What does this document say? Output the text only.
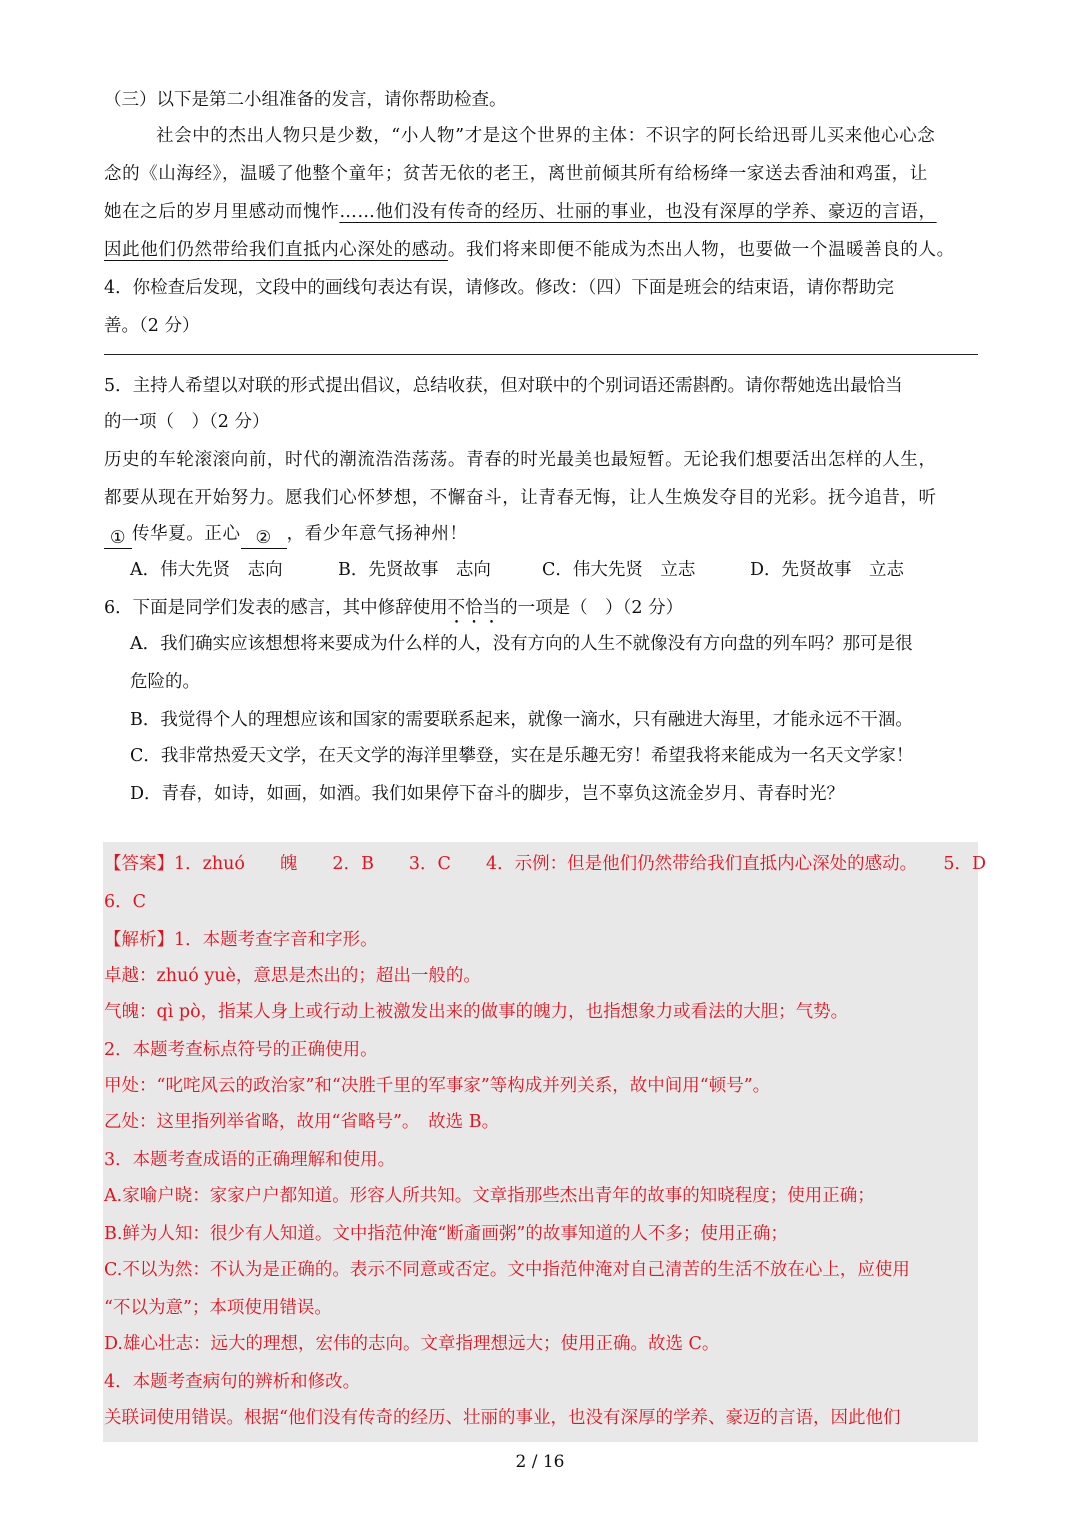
（三）以下是第二小组准备的发言，请你帮助检查。
社会中的杰出人物只是少数，“小人物”才是这个世界的主体：不识字的阿长给迅哥儿买来他心心念
念的《山海经》，温暖了他整个童年；贫苦无依的老王，离世前倾其所有给杨绛一家送去香油和鸡蛋，让
她在之后的岁月里感动而愧怍……他们没有传奇的经历、壮丽的事业，也没有深厚的学养、豪迈的言语，
因此他们仍然带给我们直抵内心深处的感动。我们将来即便不能成为杰出人物，也要做一个温暖善良的人。
4．你检查后发现，文段中的画线句表达有误，请修改。修改：（四）下面是班会的结束语，请你帮助完
善。（2 分）
5．主持人希望以对联的形式提出倡议，总结收获，但对联中的个别词语还需斟酌。请你帮她选出最恰当
的一项（　）（2 分）
历史的车轮滚滚向前，时代的潮流浩浩荡荡。青春的时光最美也最短暂。无论我们想要活出怎样的人生，
都要从现在开始努力。愿我们心怀梦想，不懈奋斗，让青春无悔，让人生焕发夺目的光彩。抚今追昔，听
① 传华夏。正心 ② ，看少年意气扬神州！
A．伟大先贤　志向	B．先贤故事　志向	C．伟大先贤　立志	D．先贤故事　立志
6．下面是同学们发表的感言，其中修辞使用不恰当的一项是（　）（2 分）
A．我们确实应该想想将来要成为什么样的人，没有方向的人生不就像没有方向盘的列车吗？那可是很
危险的。
B．我觉得个人的理想应该和国家的需要联系起来，就像一滴水，只有融进大海里，才能永远不干涸。
C．我非常热爱天文学，在天文学的海洋里攀登，实在是乐趣无穷！希望我将来能成为一名天文学家！
D．青春，如诗，如画，如酒。我们如果停下奋斗的脚步，岂不辜负这流金岁月、青春时光？
【答案】1．zhuó　　魄　　2．B　　3．C　　4．示例：但是他们仍然带给我们直抵内心深处的感动。　　5．D
6．C
【解析】1．本题考查字音和字形。
卓越：zhuó yuè，意思是杰出的；超出一般的。
气魄：qì pò，指某人身上或行动上被激发出来的做事的魄力，也指想象力或看法的大胆；气势。
2．本题考查标点符号的正确使用。
甲处：“叱咤风云的政治家”和“决胜千里的军事家”等构成并列关系，故中间用“顿号”。
乙处：这里指列举省略，故用“省略号”。　故选 B。
3．本题考查成语的正确理解和使用。
A.家喻户晓：家家户户都知道。形容人所共知。文章指那些杰出青年的故事的知晓程度；使用正确；
B.鲜为人知：很少有人知道。文中指范仲淹“断齑画粥”的故事知道的人不多；使用正确；
C.不以为然：不认为是正确的。表示不同意或否定。文中指范仲淹对自己清苦的生活不放在心上，应使用
“不以为意”；本项使用错误。
D.雄心壮志：远大的理想，宏伟的志向。文章指理想远大；使用正确。故选 C。
4．本题考查病句的辨析和修改。
关联词使用错误。根据“他们没有传奇的经历、壮丽的事业，也没有深厚的学养、豪迈的言语，因此他们
2 / 16
